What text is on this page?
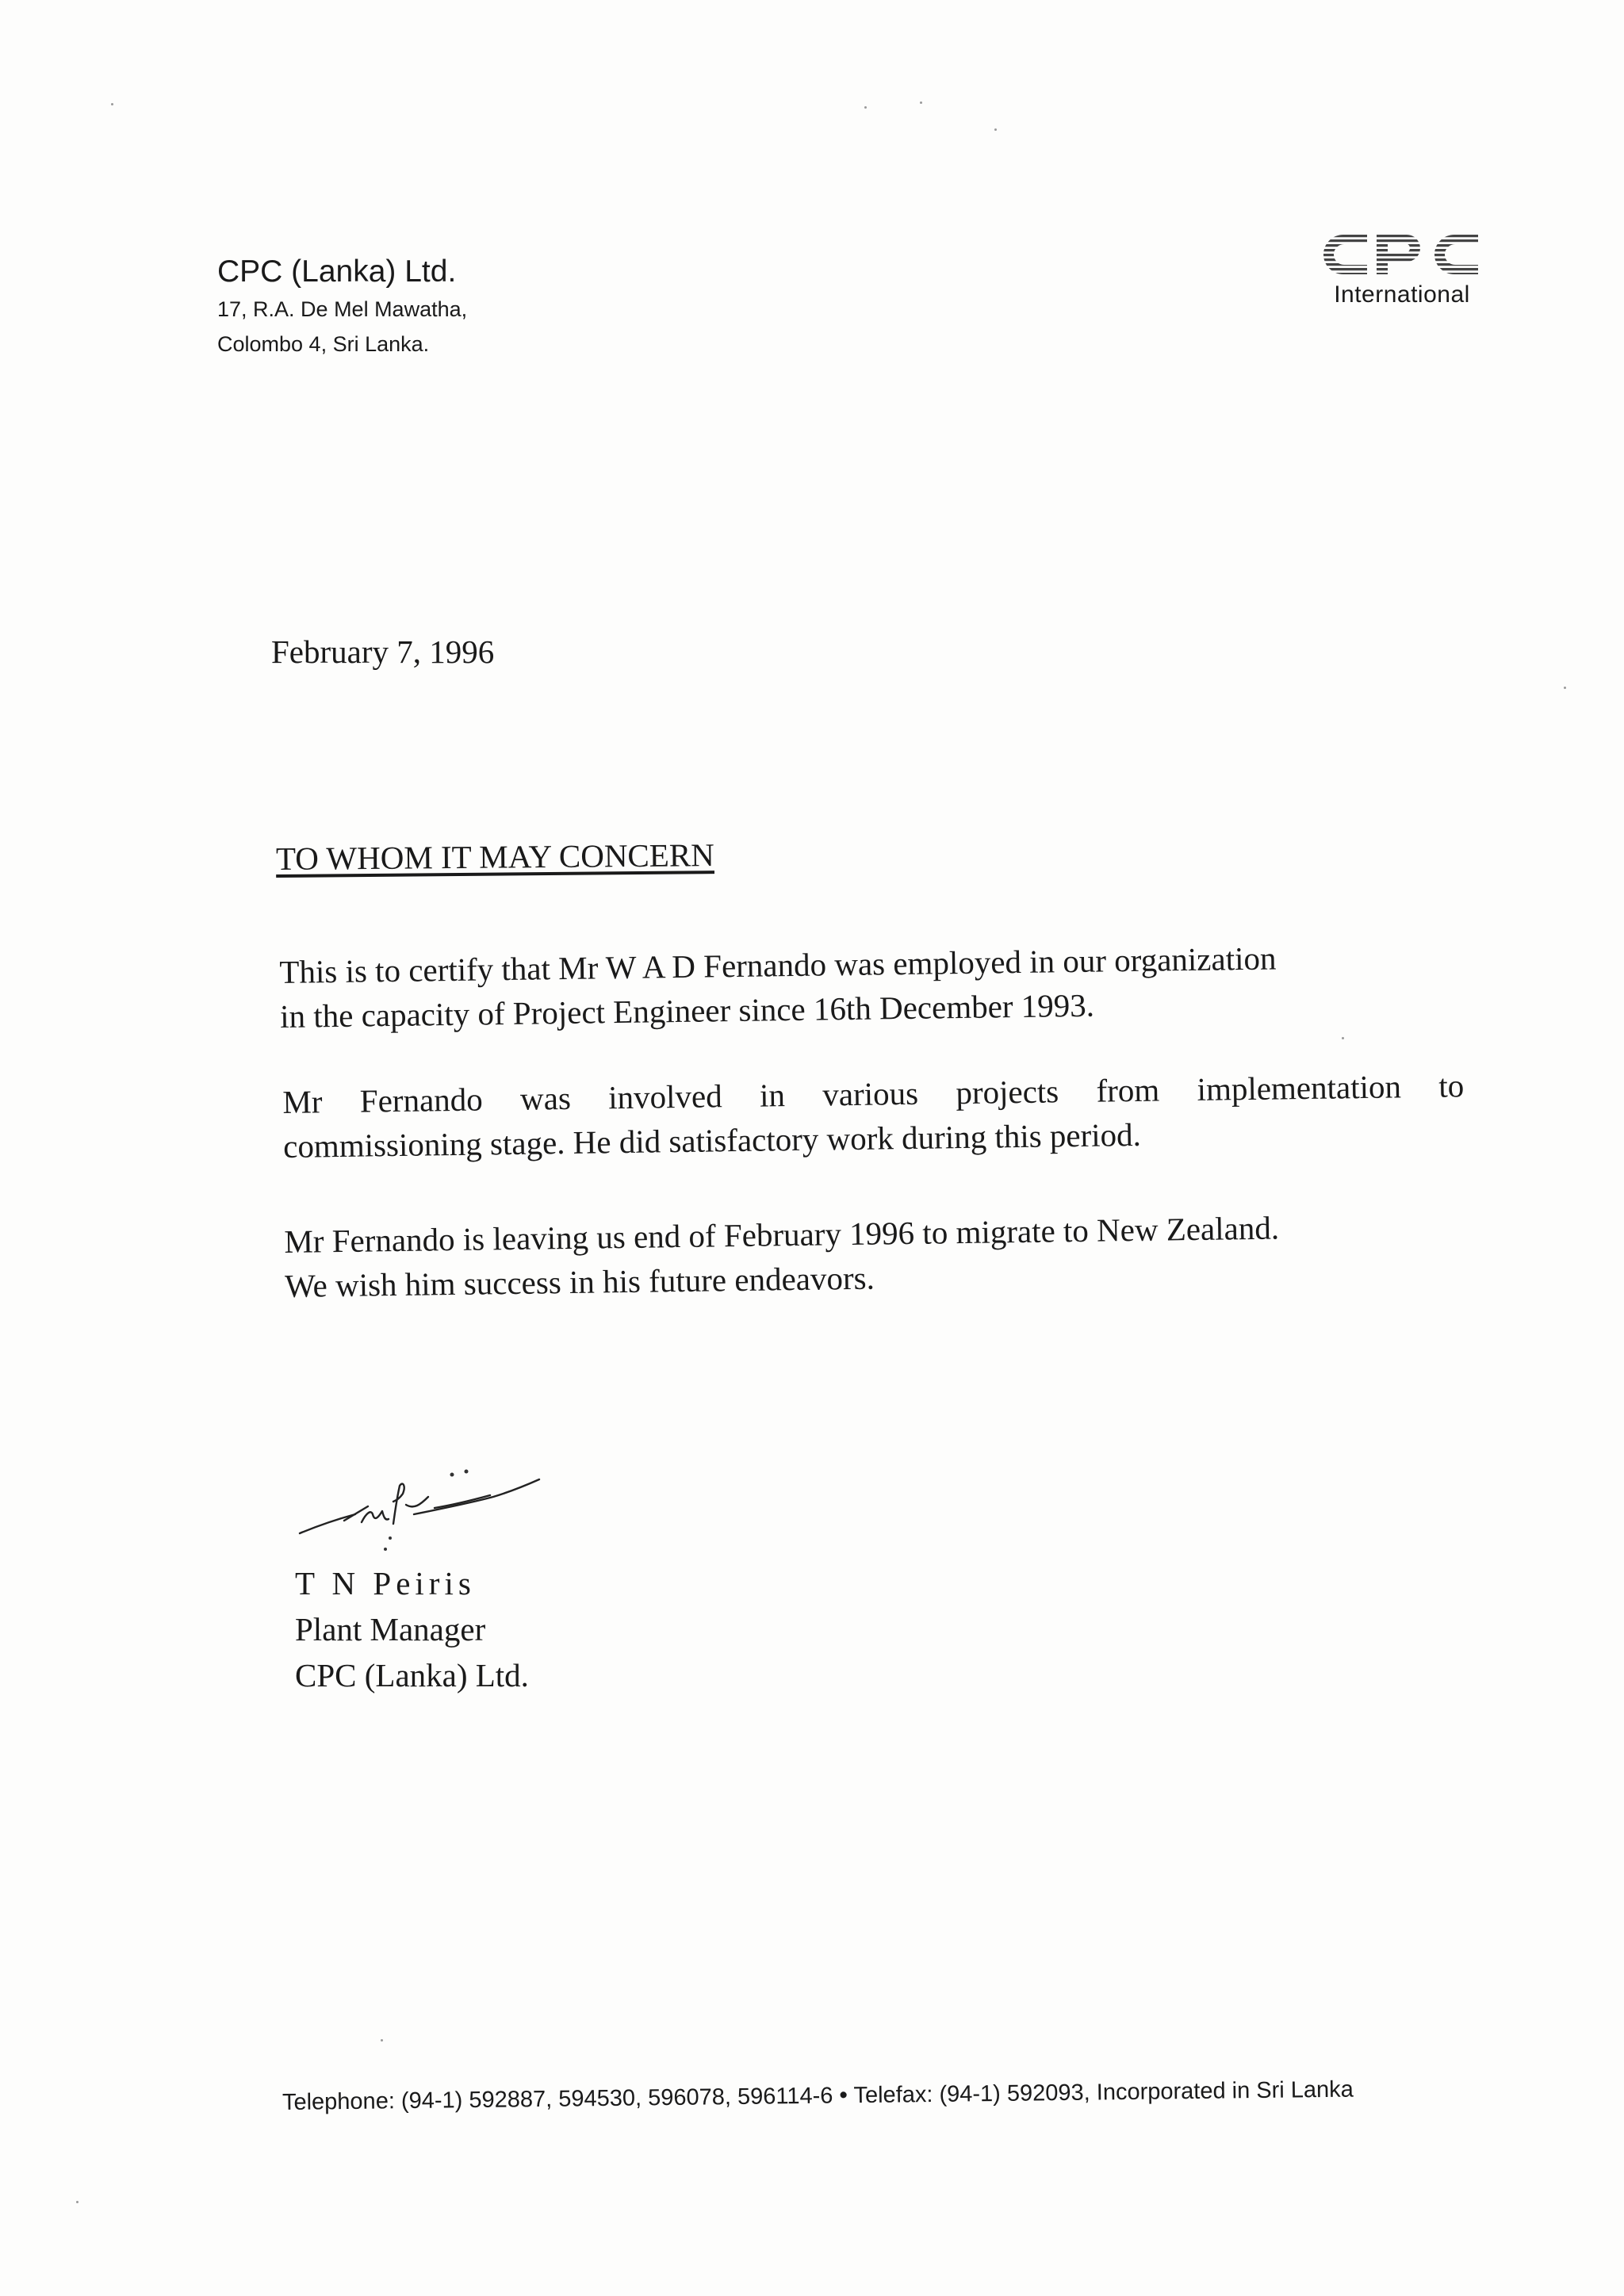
CPC (Lanka) Ltd.

17, R.A. De Mel Mawatha,

Colombo 4, Sri Lanka.

International
February 7, 1996
TO WHOM IT MAY CONCERN
This is to certify that Mr W A D Fernando was employed in our organization
in the capacity of Project Engineer since 16th December 1993.
Mr Fernando was involved in various projects from implementation to
commissioning stage. He did satisfactory work during this period.
Mr Fernando is leaving us end of February 1996 to migrate to New Zealand.
We wish him success in his future endeavors.
T N Peiris
Plant Manager
CPC (Lanka) Ltd.
Telephone: (94-1) 592887, 594530, 596078, 596114-6 • Telefax: (94-1) 592093, Incorporated in Sri Lanka
